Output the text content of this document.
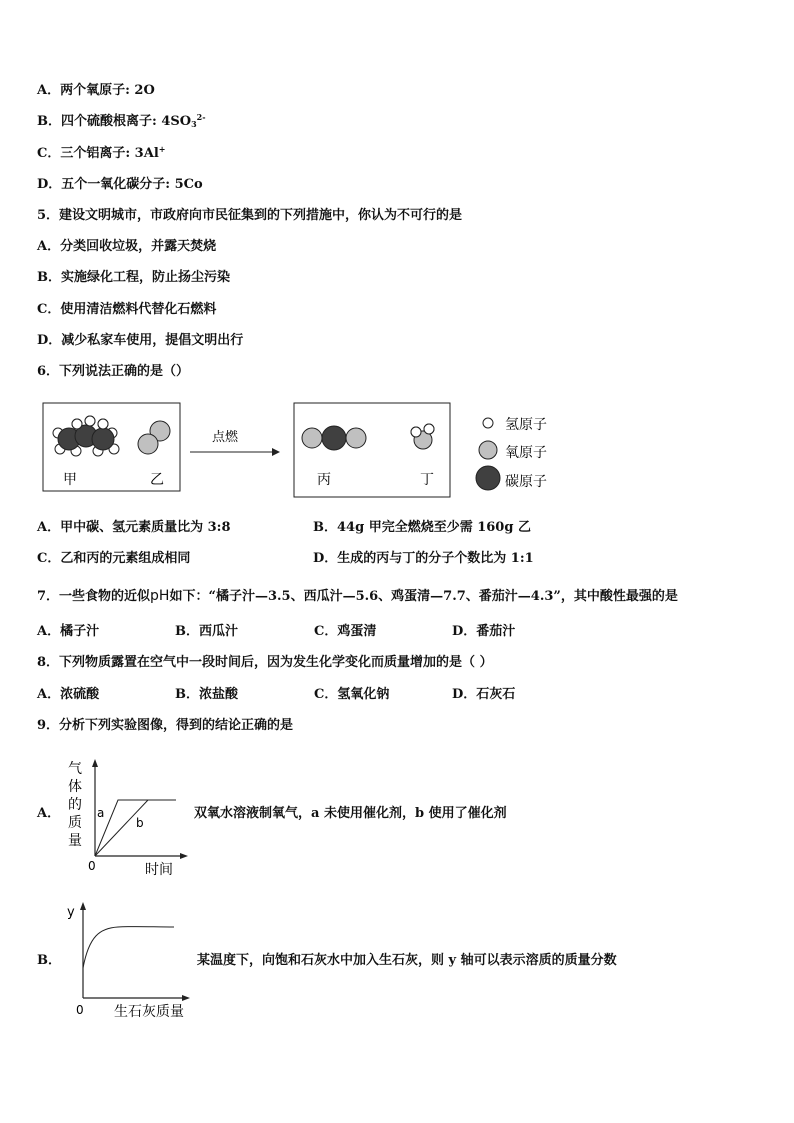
A．两个氧原子: 2O
B．四个硫酸根离子: $4SO_3^{2-}$
C．三个铝离子: 3Al+
D．五个一氧化碳分子: 5Co
5．建设文明城市，市政府向市民征集到的下列措施中，你认为不可行的是
A．分类回收垃圾，并露天焚烧
B．实施绿化工程，防止扬尘污染
C．使用清洁燃料代替化石燃料
D．减少私家车使用，提倡文明出行
6．下列说法正确的是（）
甲	乙
点燃
丙	丁
氢原子
氧原子
碳原子
A．甲中碳、氢元素质量比为 3:8	B．44g 甲完全燃烧至少需 160g 乙
C．乙和丙的元素组成相同	D．生成的丙与丁的分子个数比为 1:1
7．一些食物的近似pH如下：“橘子汁—3.5、西瓜汁—5.6、鸡蛋清—7.7、番茄汁—4.3”，其中酸性最强的是
A．橘子汁	B．西瓜汁	C．鸡蛋清	D．番茄汁
8．下列物质露置在空气中一段时间后，因为发生化学变化而质量增加的是（ ）
A．浓硫酸	B．浓盐酸	C．氢氧化钠	D．石灰石
9．分析下列实验图像，得到的结论正确的是
A．
气
体
的
质
量
a
b
0	时间
双氧水溶液制氧气，a 未使用催化剂，b 使用了催化剂
B．
y
0 生石灰质量
某温度下，向饱和石灰水中加入生石灰，则 y 轴可以表示溶质的质量分数
